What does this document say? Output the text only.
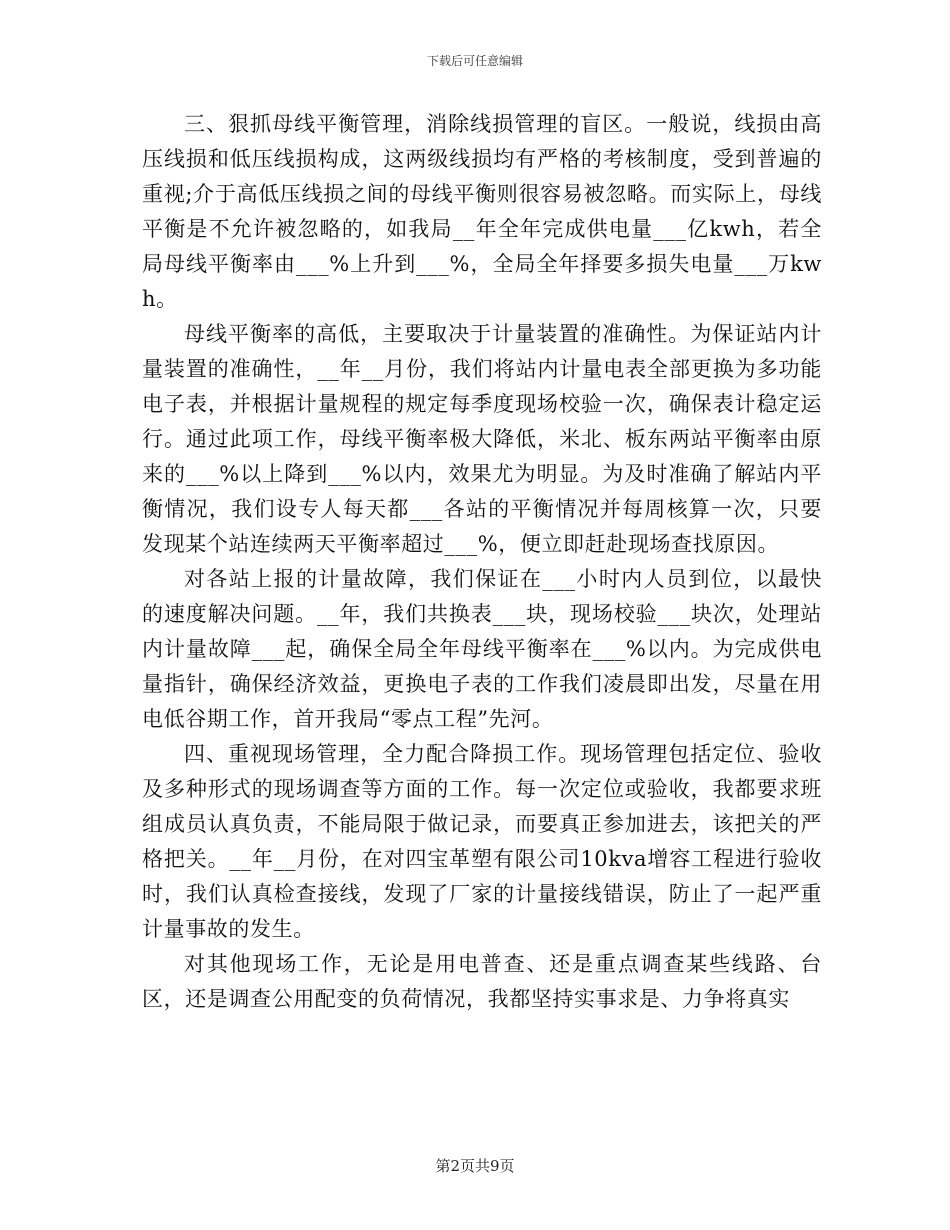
下载后可任意编辑

三、狠抓母线平衡管理，消除线损管理的盲区。一般说，线损由高压线损和低压线损构成，这两级线损均有严格的考核制度，受到普遍的重视;介于高低压线损之间的母线平衡则很容易被忽略。而实际上，母线平衡是不允许被忽略的，如我局__年全年完成供电量___亿kwh，若全局母线平衡率由___%上升到___%，全局全年择要多损失电量___万kwh。

母线平衡率的高低，主要取决于计量装置的准确性。为保证站内计量装置的准确性，__年__月份，我们将站内计量电表全部更换为多功能电子表，并根据计量规程的规定每季度现场校验一次，确保表计稳定运行。通过此项工作，母线平衡率极大降低，米北、板东两站平衡率由原来的___%以上降到___%以内，效果尤为明显。为及时准确了解站内平衡情况，我们设专人每天都___各站的平衡情况并每周核算一次，只要发现某个站连续两天平衡率超过___%，便立即赶赴现场查找原因。

对各站上报的计量故障，我们保证在___小时内人员到位，以最快的速度解决问题。__年，我们共换表___块，现场校验___块次，处理站内计量故障___起，确保全局全年母线平衡率在___%以内。为完成供电量指针，确保经济效益，更换电子表的工作我们凌晨即出发，尽量在用电低谷期工作，首开我局“零点工程”先河。

四、重视现场管理，全力配合降损工作。现场管理包括定位、验收及多种形式的现场调查等方面的工作。每一次定位或验收，我都要求班组成员认真负责，不能局限于做记录，而要真正参加进去，该把关的严格把关。__年__月份，在对四宝革塑有限公司10kva增容工程进行验收时，我们认真检查接线，发现了厂家的计量接线错误，防止了一起严重计量事故的发生。

对其他现场工作，无论是用电普查、还是重点调查某些线路、台区，还是调查公用配变的负荷情况，我都坚持实事求是、力争将真实

第2页共9页
